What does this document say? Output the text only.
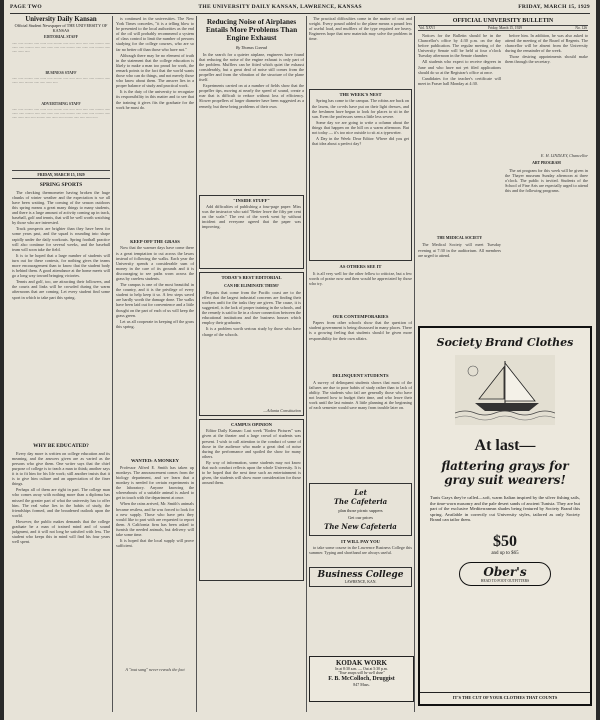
PAGE TWO	THE UNIVERSITY DAILY KANSAN, LAWRENCE, KANSAS	FRIDAY, MARCH 15, 1929
University Daily Kansan
Official Student Newspaper of THE UNIVERSITY OF KANSAS
EDITORIAL STAFF
...... ...... .......... ...... ....... ...... .......... ...... ...... ....... ...... ...... .......... ...... ....... ...... .......... ...... ...... ....... ...... ...... .......... ...... ....... ...... .......... ...... ...... ....... ......
BUSINESS STAFF
...... ...... .......... ...... ....... ...... .......... ...... ...... ....... ...... ...... .......... ...... ....... ...... .......... ...... ...... ....... ......
ADVERTISING STAFF
...... ...... .......... ...... ....... ...... .......... ...... ...... ....... ...... ...... .......... ...... ....... ...... .......... ...... ...... ....... ...... ...... .......... ...... ....... ...... .......... ...... ...... ....... ...... ...... .......... ...... ....... ...... .......... ...... ...... ....... ......
FRIDAY, MARCH 15, 1929
SPRING SPORTS

The checking thermometer having broken the huge chunks of winter weather and the expectation is we all have been waiting. The coming of the season outdoors this spring means a great many things to many students, and there is a large amount of activity coming up in track, baseball, golf and tennis, that will be well worth watching by those who are interested.

Track prospects are brighter than they have been for some years past, and the squad is rounding into shape rapidly under the daily workouts. Spring football practice will also continue for several weeks, and the baseball team will soon take the field.

It is to be hoped that a large number of students will turn out for these contests, for nothing gives the teams more encouragement than to know that the student body is behind them. A good attendance at the home meets will go a long way toward bringing victories.

Tennis and golf, too, are attracting their followers, and the courts and links will be crowded during the warm afternoons that are coming. Let every student find some sport in which to take part this spring.

WHY BE EDUCATED?

Every day more is written on college education and its meaning, and the answers given are as varied as the persons who give them. One writer says that the chief purpose of college is to teach a man to think; another says it is to fit him for his life work; still another insists that it is to give him culture and an appreciation of the finer things.

Perhaps all of them are right in part. The college man who comes away with nothing more than a diploma has missed the greater part of what the university has to offer him. The real value lies in the habits of study, the friendships formed, and the broadened outlook upon the world.

However, the public makes demands that the college graduate be a man of trained mind and of sound judgment, and it will not long be satisfied with less. The student who keeps this in mind will find his four years well spent.

is continued in the universities. The New York Times concedes, "it is a telling blow to be presented to the local authorities as the end of the oil will probably recommend a system of class control to limit the number of persons studying for the college courses, who are so far no better off than those who have not."

Although there may be no element of truth in the statement that the college education is likely to make a man too proud for work, the remark points to the fact that the world wants those who can do things, and not merely those who know about them. The answer lies in a proper balance of study and practical work.

It is the duty of the university to recognize its responsibility in this matter and to see that the training it gives fits the graduate for the work he must do.

KEEP OFF THE GRASS

Now that the warmer days have come there is a great temptation to cut across the lawns instead of following the walks. Each year the University spends a considerable sum of money in the care of its grounds and it is discouraging to see paths worn across the grass by careless students.

The campus is one of the most beautiful in the country, and it is the privilege of every student to help keep it so. A few steps saved are hardly worth the damage done. The walks have been laid out for convenience and a little thought on the part of each of us will keep the grass green.

Let us all cooperate in keeping off the grass this spring.

WANTED: A MONKEY

Professor Alfred E. Smith has taken up monkeys. The announcement comes from the biology department, and we learn that a monkey is needed for certain experiments in the laboratory. Anyone knowing the whereabouts of a suitable animal is asked to get in touch with the department at once.

When the rains arrived, Mr. Smith's animals became restless, and he was forced to look for a new supply. Those who have pets they would like to part with are requested to report them. A California firm has been asked to furnish the needed animals, but delivery will take some time.

It is hoped that the local supply will prove sufficient.

A "tout sang" never reveals the fact
Reducing Noise of Airplanes Entails More Problems Than Engine Exhaust
By Thomas Conrad

In the search for a quieter airplane, engineers have found that reducing the noise of the engine exhaust is only part of the problem. Mufflers can be fitted which quiet the exhaust considerably, but a great deal of noise still comes from the propeller and from the vibration of the structure of the plane itself.

Experiments carried on at a number of fields show that the propeller tips, moving at nearly the speed of sound, create a roar that is difficult to reduce without loss of efficiency. Slower propellers of larger diameter have been suggested as a remedy, but these bring problems of their own.

"INSIDE STUFF"

Add difficulties of publishing a four-page paper: Miss was the instructor who said "Better leave the fifty per cent on the scale." The rest of the week went by without incident and everyone agreed that the paper was improving.

TODAY'S BEST EDITORIAL
CAN HE ELIMINATE THEM?

Reports that come from the Pacific coast are to the effect that the largest industrial concerns are finding their workers unfit for the tasks they are given. The cause, it is suggested, is the lack of proper training in the schools, and the remedy is said to lie in a closer connection between the educational institutions and the business houses which employ their graduates.

It is a problem worth serious study by those who have charge of the schools.

—Atlanta Constitution
CAMPUS OPINION

Editor Daily Kansan: Last week "Rodeo Pictures" was given at the theater and a large crowd of students was present. I wish to call attention to the conduct of some of those in the audience who made a great deal of noise during the performance and spoiled the show for many others.

By way of information, some students may not know that such conduct reflects upon the whole University. It is to be hoped that the next time such an entertainment is given, the students will show more consideration for those around them.

The practical difficulties come in the matter of cost and weight. Every pound added to the plane means a pound less of useful load, and mufflers of the type required are heavy. Engineers hope that new materials may solve the problem in time.

THE WEEK'S NEST

Spring has come to the campus. The robins are back on the lawns, the co-eds have put on their light dresses, and the freshmen have begun to look for places to sit in the sun. Even the professors seem a little less severe.

Some day we are going to write a column about the things that happen on the hill on a warm afternoon. But not today — it's too nice outside to sit at a typewriter.

A Day in the Week: Dear Editor: Where did you get that idea about a perfect day?

AS OTHERS SEE IT

It is all very well for the other fellow to criticize, but a few words of praise now and then would be appreciated by those who try.

OUR CONTEMPORARIES

Papers from other schools show that the question of student government is being discussed in many places. There is a growing feeling that students should be given more responsibility for their own affairs.

DELINQUENT STUDENTS

A survey of delinquent students shows that most of the failures are due to poor habits of study rather than to lack of ability. The students who fail are generally those who have not learned how to budget their time, and who leave their work until the last minute. A little planning at the beginning of each semester would save many from trouble later on.

Let
The Cafeteria
plan those picnic suppers
Get our prices
The New Cafeteria
IT WILL PAY YOU

to take some course in the Lawrence Business College this summer. Typing and shorthand are always useful.

Business College
LAWRENCE, KAN.
KODAK WORK
In at 8:30 a.m. — Out at 5:30 p.m.
"Your snaps will be well done"
F. B. McColloch, Druggist
847 Mass.
OFFICIAL UNIVERSITY BULLETIN
Vol. XXVI	Friday, March 15, 1929	No. 126

Notices for the Bulletin should be in the Chancellor's office by 4:30 p.m. on the day before publication. The regular meeting of the University Senate will be held at four o'clock Tuesday afternoon in the Senate chamber.

All students who expect to receive degrees in June and who have not yet filed applications should do so at the Registrar's office at once.

Candidates for the teacher's certificate will meet in Fraser hall Monday at 4:30.

THE MEDICAL SOCIETY

The Medical Society will meet Tuesday evening at 7:30 in the auditorium. All members are urged to attend.

before him. In addition, he was also asked to attend the meeting of the Board of Regents. The chancellor will be absent from the University during the remainder of the week.

Those desiring appointments should make them through the secretary.

E. H. LINDLEY, Chancellor
ART PROGRAM

The art program for this week will be given in the Thayer museum Sunday afternoon at three o'clock. The public is invited. Students of the School of Fine Arts are especially urged to attend this and the following programs.

Society Brand Clothes
At last—
flattering grays for
gray suit wearers!
Tunis Grays they're called—soft, warm Italian inspired by the silver fishing sails, the time-worn masonry and the pale desert sands of ancient Tunisia. They are but part of the exclusive Mediterranean shades being featured by Society Brand this spring. Available in correctly cut University styles, tailored as only Society Brand can tailor them.
$50
and up to $65
Ober's
HEAD TO FOOT OUTFITTERS
IT'S THE CUT OF YOUR CLOTHES THAT COUNTS
